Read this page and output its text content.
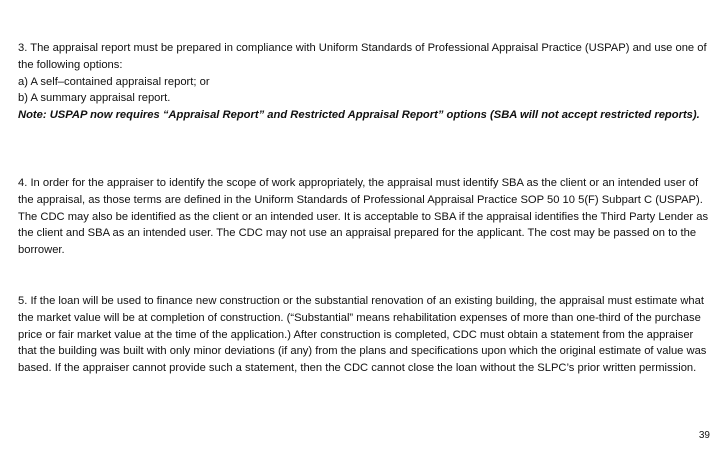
3. The appraisal report must be prepared in compliance with Uniform Standards of Professional Appraisal Practice (USPAP) and use one of the following options:

a) A self–contained appraisal report; or

b) A summary appraisal report.

Note: USPAP now requires “Appraisal Report” and Restricted Appraisal Report” options (SBA will not accept restricted reports).

4. In order for the appraiser to identify the scope of work appropriately, the appraisal must identify SBA as the client or an intended user of the appraisal, as those terms are defined in the Uniform Standards of Professional Appraisal Practice SOP 50 10 5(F) Subpart C (USPAP). The CDC may also be identified as the client or an intended user. It is acceptable to SBA if the appraisal identifies the Third Party Lender as the client and SBA as an intended user. The CDC may not use an appraisal prepared for the applicant. The cost may be passed on to the borrower.

5. If the loan will be used to finance new construction or the substantial renovation of an existing building, the appraisal must estimate what the market value will be at completion of construction. (“Substantial” means rehabilitation expenses of more than one-third of the purchase price or fair market value at the time of the application.) After construction is completed, CDC must obtain a statement from the appraiser that the building was built with only minor deviations (if any) from the plans and specifications upon which the original estimate of value was based. If the appraiser cannot provide such a statement, then the CDC cannot close the loan without the SLPC’s prior written permission.

39
